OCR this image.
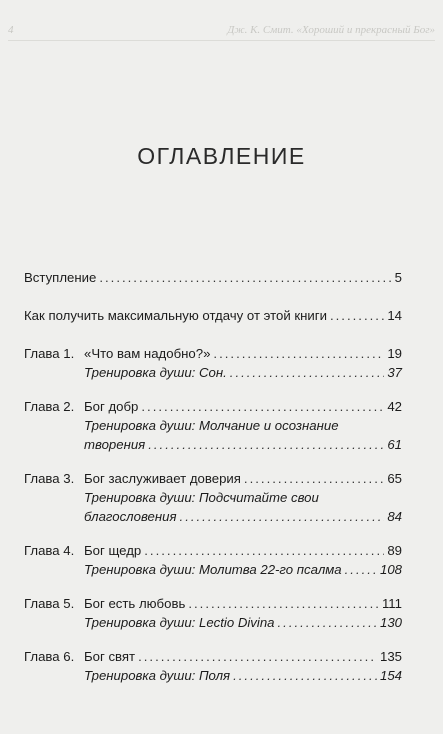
4	Дж. К. Смит. «Хороший и прекрасный Бог»
ОГЛАВЛЕНИЕ
Вступление .....	5
Как получить максимальную отдачу от этой книги .....	14
Глава 1. «Что вам надобно?» .....	19
Тренировка души: Сон. .....	37
Глава 2. Бог добр .....	42
Тренировка души: Молчание и осознание
творения .....	61
Глава 3. Бог заслуживает доверия .....	65
Тренировка души: Подсчитайте свои
благословения .....	84
Глава 4. Бог щедр .....	89
Тренировка души: Молитва 22-го псалма .....	108
Глава 5. Бог есть любовь .....	111
Тренировка души: Lectio Divina .....	130
Глава 6. Бог свят .....	135
Тренировка души: Поля .....	154
